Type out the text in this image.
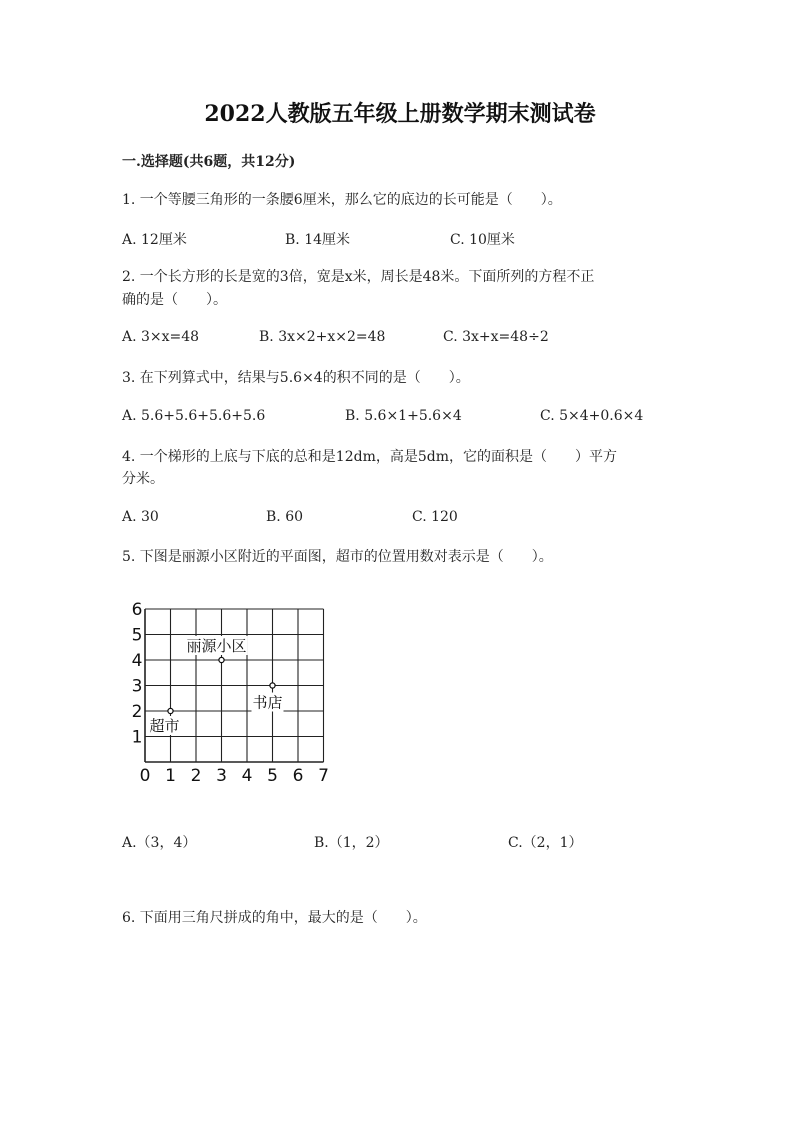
2022人教版五年级上册数学期末测试卷
一.选择题(共6题，共12分)
1. 一个等腰三角形的一条腰6厘米，那么它的底边的长可能是（　　）。
A. 12厘米	B. 14厘米	C. 10厘米
2. 一个长方形的长是宽的3倍，宽是x米，周长是48米。下面所列的方程不正
确的是（　　）。
A. 3×x=48	B. 3x×2+x×2=48	C. 3x+x=48÷2
3. 在下列算式中，结果与5.6×4的积不同的是（　　）。
A. 5.6+5.6+5.6+5.6	B. 5.6×1+5.6×4	C. 5×4+0.6×4
4. 一个梯形的上底与下底的总和是12dm，高是5dm，它的面积是（　　）平方
分米。
A. 30	B. 60	C. 120
5. 下图是丽源小区附近的平面图，超市的位置用数对表示是（　　）。
0 1 2 3 4 5 6 7
1
2
3
4
5
6
丽源小区
书店
超市
A.（3，4）	B.（1，2）	C.（2，1）
6. 下面用三角尺拼成的角中，最大的是（　　）。
